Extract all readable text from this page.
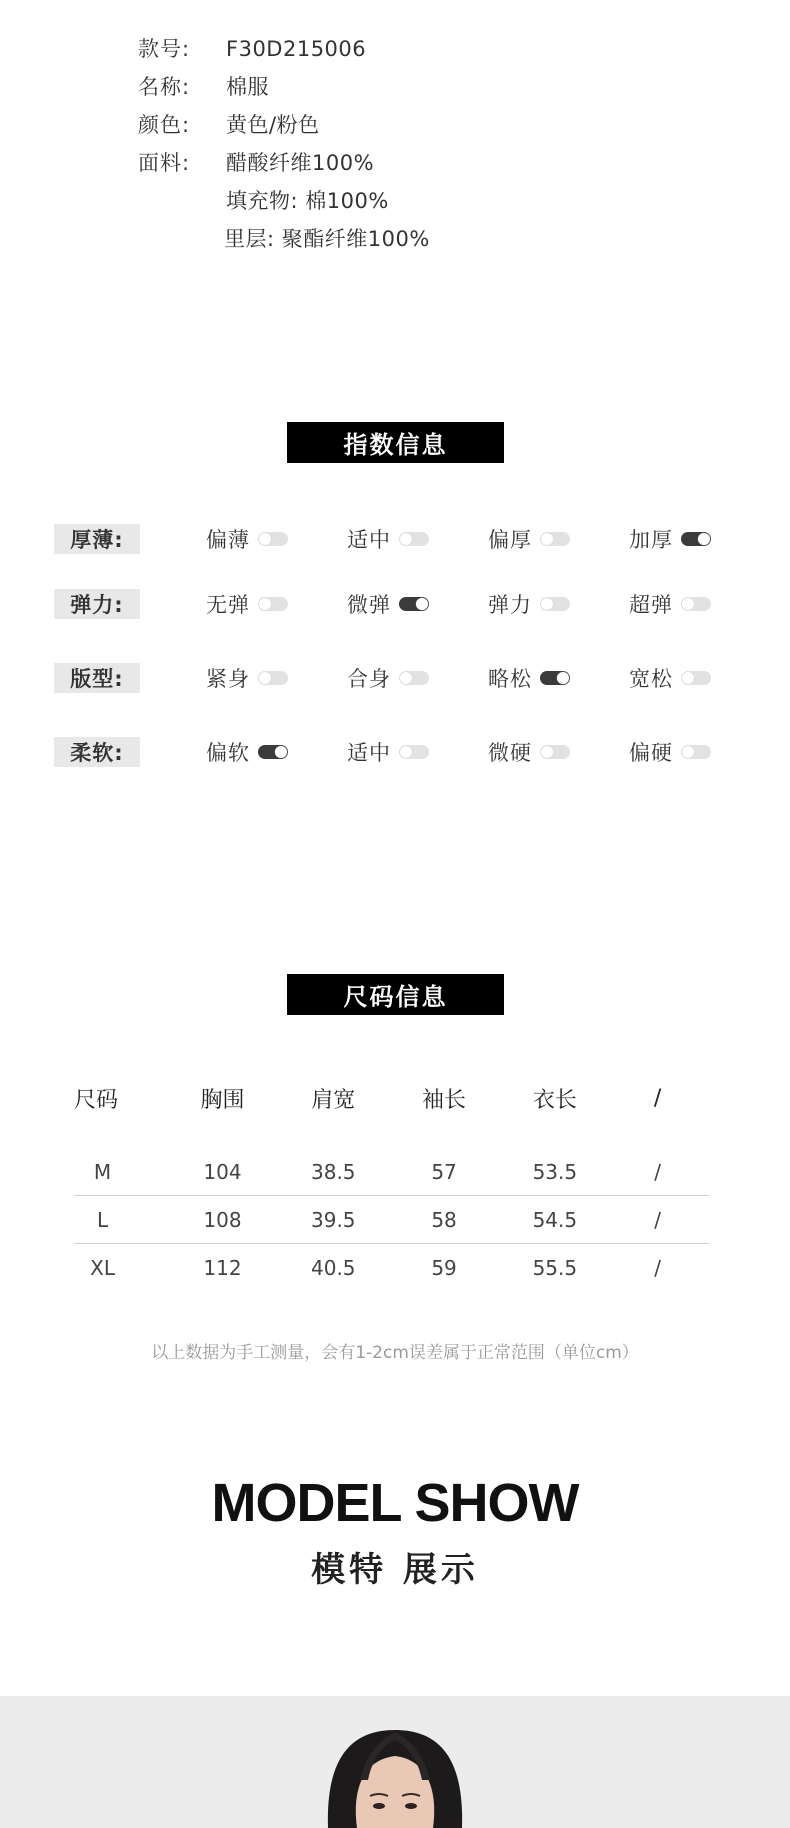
款号:	F30D215006
名称:	棉服
颜色:	黄色/粉色
面料:	醋酸纤维100%
填充物: 棉100%
里层: 聚酯纤维100%
指数信息
厚薄:	偏薄	适中	偏厚	加厚
弹力:	无弹	微弹	弹力	超弹
版型:	紧身	合身	略松	宽松
柔软:	偏软	适中	微硬	偏硬
尺码信息
尺码	胸围	肩宽	袖长	衣长	/
M	104	38.5	57	53.5	/
L	108	39.5	58	54.5	/
XL	112	40.5	59	55.5	/
以上数据为手工测量，会有1-2cm误差属于正常范围（单位cm）
MODEL SHOW
模特 展示
